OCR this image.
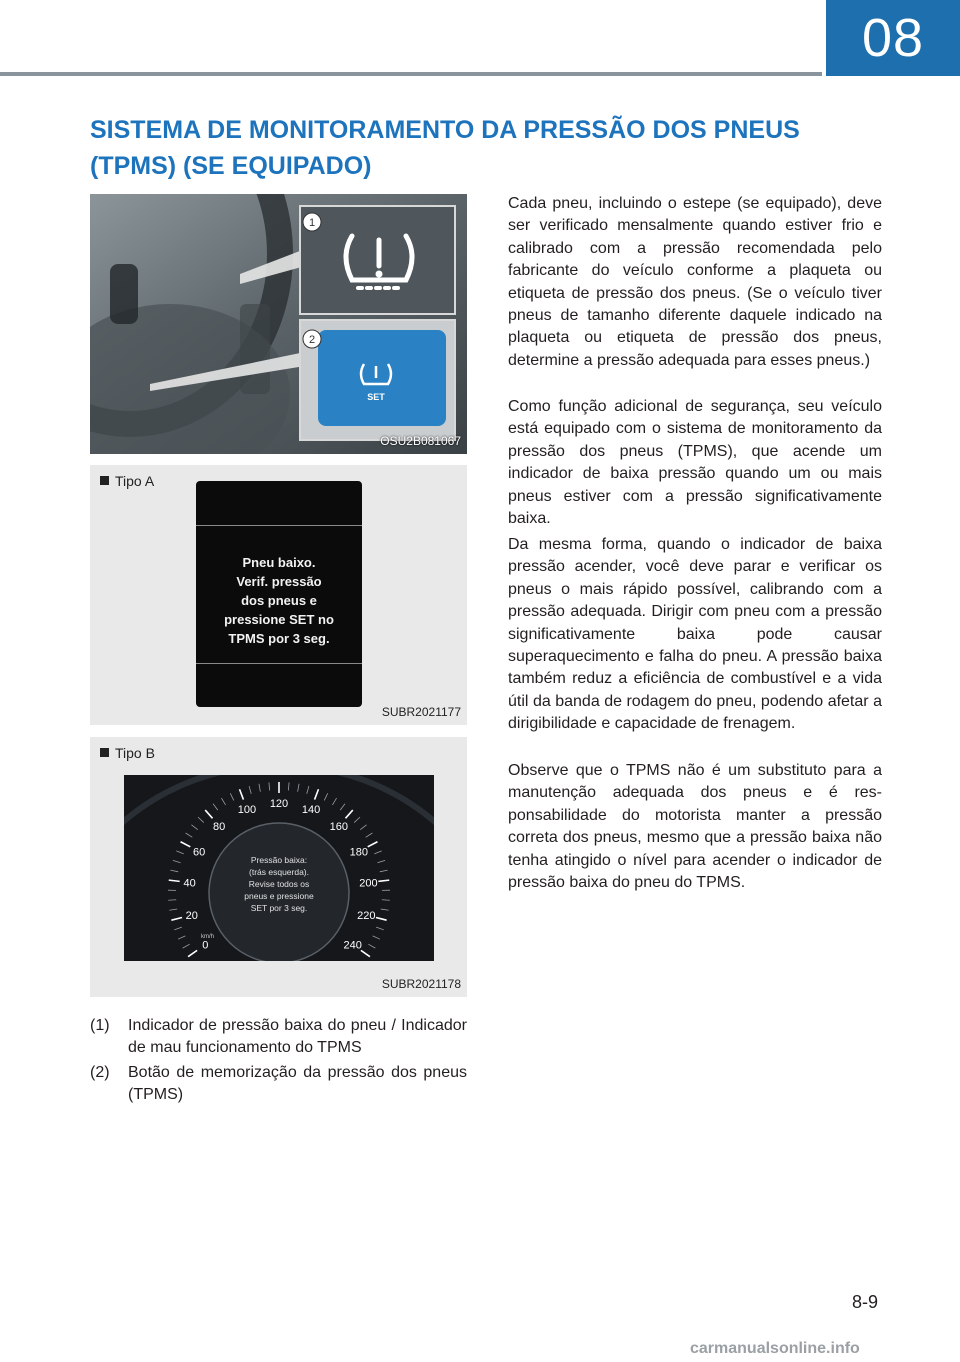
08
SISTEMA DE MONITORAMENTO DA PRESSÃO DOS PNEUS
(TPMS) (SE EQUIPADO)
SET
1
2
OSU2B081067
Tipo A
Pneu baixo.
Verif. pressão
dos pneus e
pressione SET no
TPMS por 3 seg.
SUBR2021177
Tipo B
0
20
40
60
80
100 120 140
160
180
200
220
240
km/h
Pressão baixa:
(trás esquerda).
Revise todos os
pneus e pressione
SET por 3 seg.
SUBR2021178
(1) Indicador de pressão baixa do pneu / Indicador de mau funcionamento do TPMS
(2) Botão de memorização da pressão dos pneus (TPMS)
Cada pneu, incluindo o estepe (se equipado), deve ser verificado mensalmente quando estiver frio e calibrado com a pressão recomendada pelo fabricante do veículo conforme a plaqueta ou etiqueta de pressão dos pneus. (Se o veículo tiver pneus de tamanho diferente daquele indicado na plaqueta ou etiqueta de pressão dos pneus, determine a pressão adequada para esses pneus.)
Como função adicional de segurança, seu veículo está equipado com o sistema de monitoramento da pressão dos pneus (TPMS), que acende um indicador de baixa pressão quando um ou mais pneus estiver com a pressão significativamente baixa.
Da mesma forma, quando o indicador de baixa pressão acender, você deve parar e verificar os pneus o mais rápido possível, calibrando com a pressão adequada. Dirigir com pneu com a pressão significativamente baixa pode causar superaquecimento e falha do pneu. A pressão baixa também reduz a eficiência de combustível e a vida útil da banda de rodagem do pneu, podendo afetar a dirigibilidade e capacidade de frenagem.
Observe que o TPMS não é um substituto para a manutenção adequada dos pneus e é responsabilidade do motorista manter a pressão correta dos pneus, mesmo que a pressão baixa não tenha atingido o nível para acender o indicador de pressão baixa do pneu do TPMS.
8-9
carmanualsonline.info
